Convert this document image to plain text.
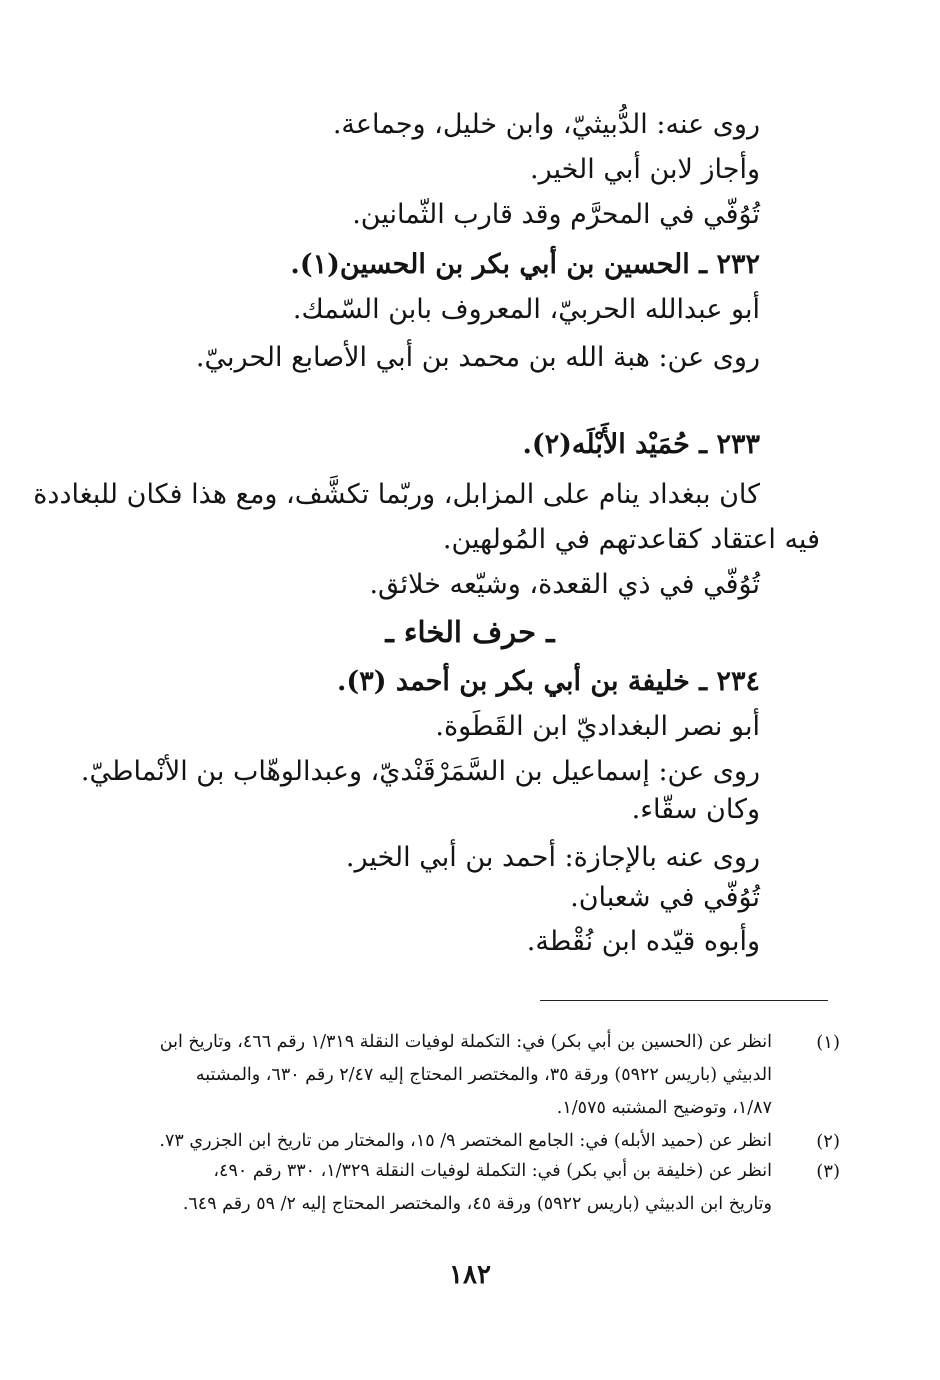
روى عنه: الدُّبيثيّ، وابن خليل، وجماعة.
وأجاز لابن أبي الخير.
تُوُفّي في المحرَّم وقد قارب الثّمانين.
٢٣٢ ـ الحسين بن أبي بكر بن الحسين(١).
أبو عبدالله الحربيّ، المعروف بابن السّمك.
روى عن: هبة الله بن محمد بن أبي الأصابع الحربيّ.
٢٣٣ ـ حُمَيْد الأَبْلَه(٢).
كان ببغداد ينام على المزابل، وربّما تكشَّف، ومع هذا فكان للبغاددة
فيه اعتقاد كقاعدتهم في المُولهين.
تُوُفّي في ذي القعدة، وشيّعه خلائق.
ـ حرف الخاء ـ
٢٣٤ ـ خليفة بن أبي بكر بن أحمد (٣).
أبو نصر البغداديّ ابن القَطَوة.
روى عن: إسماعيل بن السَّمَرْقَنْديّ، وعبدالوهّاب بن الأنْماطيّ.
وكان سقّاء.
روى عنه بالإجازة: أحمد بن أبي الخير.
تُوُفّي في شعبان.
وأبوه قيّده ابن نُقْطة.
(١)
انظر عن (الحسين بن أبي بكر) في: التكملة لوفيات النقلة ١/٣١٩ رقم ٤٦٦، وتاريخ ابن
الدبيثي (باريس ٥٩٢٢) ورقة ٣٥، والمختصر المحتاج إليه ٢/٤٧ رقم ٦٣٠، والمشتبه
١/٨٧، وتوضيح المشتبه ١/٥٧٥.
(٢)
انظر عن (حميد الأبله) في: الجامع المختصر ٩/ ١٥، والمختار من تاريخ ابن الجزري ٧٣.
(٣)
انظر عن (خليفة بن أبي بكر) في: التكملة لوفيات النقلة ١/٣٢٩، ٣٣٠ رقم ٤٩٠،
وتاريخ ابن الدبيثي (باريس ٥٩٢٢) ورقة ٤٥، والمختصر المحتاج إليه ٢/ ٥٩ رقم ٦٤٩.
١٨٢
